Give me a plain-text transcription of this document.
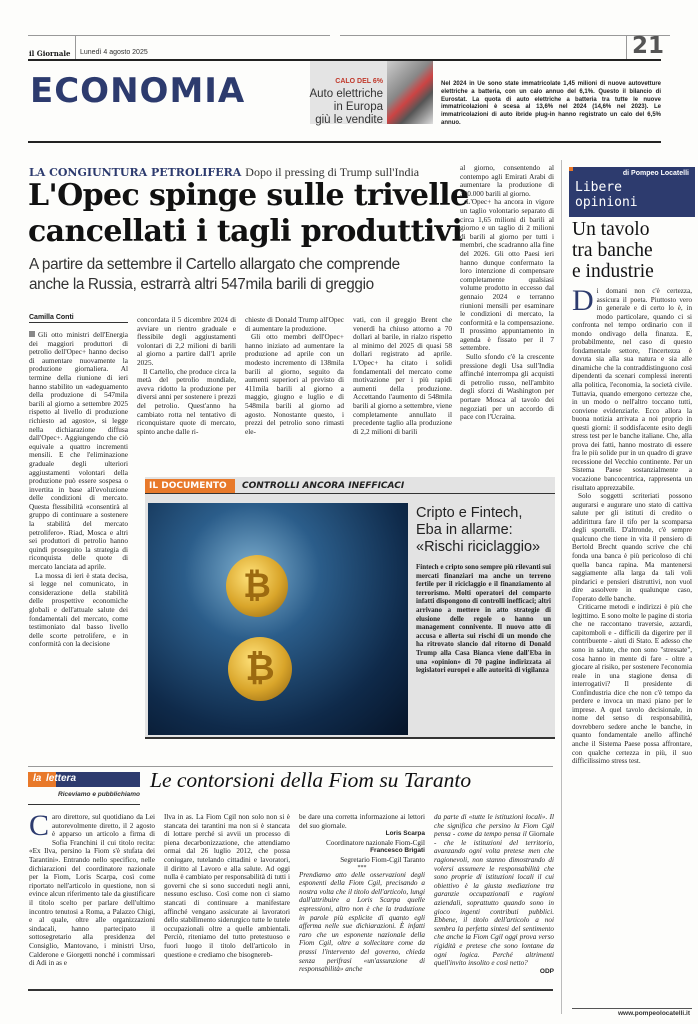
il Giornale Lunedì 4 agosto 2025	21
ECONOMIA	CALO DEL 6%
Auto elettriche
in Europa
giù le vendite
Nel 2024 in Ue sono state immatricolate 1,45 milioni di nuove autovetture elettriche a batteria, con un calo annuo del 6,1%. Questo il bilancio di Eurostat. La quota di auto elettriche a batteria tra tutte le nuove immatricolazioni è scesa al 13,6% nel 2024 (14,6% nel 2023). Le immatricolazioni di auto ibride plug-in hanno registrato un calo del 6,5% annuo.
LA CONGIUNTURA PETROLIFERA Dopo il pressing di Trump sull'India
L'Opec spinge sulle trivelle
cancellati i tagli produttivi
A partire da settembre il Cartello allargato che comprende
anche la Russia, estrarrà altri 547mila barili di greggio
Camilla Conti

Gli otto ministri dell'Energia dei maggiori produttori di petrolio dell'Opec+ hanno deciso di aumentare nuovamente la produzione giornaliera. Al termine della riunione di ieri hanno stabilito un «adeguamento della produzione di 547mila barili al giorno a settembre 2025 rispetto al livello di produzione richiesto ad agosto», si legge nella dichiarazione diffusa dall'Opec+. Aggiungendo che ciò equivale a quattro incrementi mensili. E che l'eliminazione graduale degli ulteriori aggiustamenti volontari della produzione può essere sospesa o invertita in base all'evoluzione delle condizioni di mercato. Questa flessibilità «consentirà al gruppo di continuare a sostenere la stabilità del mercato petrolifero». Riad, Mosca e altri sei produttori di petrolio hanno quindi proseguito la strategia di riconquista delle quote di mercato lanciata ad aprile.

La mossa di ieri è stata decisa, si legge nel comunicato, in considerazione della stabilità delle prospettive economiche globali e dell'attuale salute dei fondamentali del mercato, come testimoniato dal basso livello delle scorte petrolifere, e in conformità con la decisione

concordata il 5 dicembre 2024 di avviare un rientro graduale e flessibile degli aggiustamenti volontari di 2,2 milioni di barili al giorno a partire dall'1 aprile 2025.

Il Cartello, che produce circa la metà del petrolio mondiale, aveva ridotto la produzione per diversi anni per sostenere i prezzi del petrolio. Quest'anno ha cambiato rotta nel tentativo di riconquistare quote di mercato, spinto anche dalle ri-

chieste di Donald Trump all'Opec di aumentare la produzione.

Gli otto membri dell'Opec+ hanno iniziato ad aumentare la produzione ad aprile con un modesto incremento di 138mila barili al giorno, seguito da aumenti superiori al previsto di 411mila barili al giorno a maggio, giugno e luglio e di 548mila barili al giorno ad agosto. Nonostante questo, i prezzi del petrolio sono rimasti ele-

vati, con il greggio Brent che venerdì ha chiuso attorno a 70 dollari al barile, in rialzo rispetto al minimo del 2025 di quasi 58 dollari registrato ad aprile. L'Opec+ ha citato i solidi fondamentali del mercato come motivazione per i più rapidi aumenti della produzione. Accettando l'aumento di 548mila barili al giorno a settembre, viene completamente annullato il precedente taglio alla produzione di 2,2 milioni di barili

al giorno, consentendo al contempo agli Emirati Arabi di aumentare la produzione di 300.000 barili al giorno.

L'Opec+ ha ancora in vigore un taglio volontario separato di circa 1,65 milioni di barili al giorno e un taglio di 2 milioni di barili al giorno per tutti i membri, che scadranno alla fine del 2026. Gli otto Paesi ieri hanno dunque confermato la loro intenzione di compensare completamente qualsiasi volume prodotto in eccesso dal gennaio 2024 e terranno riunioni mensili per esaminare le condizioni di mercato, la conformità e la compensazione. Il prossimo appuntamento in agenda è fissato per il 7 settembre.

Sullo sfondo c'è la crescente pressione degli Usa sull'India affinché interrompa gli acquisti di petrolio russo, nell'ambito degli sforzi di Washington per portare Mosca al tavolo dei negoziati per un accordo di pace con l'Ucraina.

IL DOCUMENTO	CONTROLLI ANCORA INEFFICACI
₿
₿
Cripto e Fintech,
Eba in allarme:
«Rischi riciclaggio»
Fintech e cripto sono sempre più rilevanti sui mercati finanziari ma anche un terreno fertile per il riciclaggio e il finanziamento al terrorismo. Molti operatori del comparto infatti dispongono di controlli inefficaci; altri arrivano a mettere in atto strategie di elusione delle regole o hanno un management connivente. Il nuovo atto di accusa e allerta sui rischi di un mondo che ha ritrovato slancio dal ritorno di Donald Trump alla Casa Bianca viene dall'Eba in una «opinion» di 70 pagine indirizzata ai legislatori europei e alle autorità di vigilanza
di Pompeo Locatelli
Libere
opinioni
Un tavolo
tra banche
e industrie

Di domani non c'è certezza, assicura il poeta. Piuttosto vero in generale e di certo lo è, in modo particolare, quando ci si confronta nel tempo ordinario con il mondo ondivago della finanza. E, probabilmente, nel caso di questo fondamentale settore, l'incertezza è dovuta sia alla sua natura e sia alle dinamiche che la contraddistinguono così dipendenti da scenari complessi inerenti alla politica, l'economia, la società civile. Tuttavia, quando emergono certezze che, in un modo o nell'altro toccano tutti, conviene evidenziarle. Ecco allora la buona notizia arrivata a noi proprio in questi giorni: il soddisfacente esito degli stress test per le banche italiane. Che, alla prova dei fatti, hanno mostrato di essere fra le più solide pur in un quadro di grave recessione del Vecchio continente. Per un Sistema Paese sostanzialmente a vocazione bancocentrica, rappresenta un risultato apprezzabile.

Solo soggetti scriteriati possono augurarsi e augurare uno stato di cattiva salute per gli istituti di credito o addirittura fare il tifo per la scomparsa degli sportelli. D'altronde, c'è sempre qualcuno che tiene in vita il pensiero di Bertold Brecht quando scrive che chi fonda una banca è più pericoloso di chi quella banca rapina. Ma mantenersi saggiamente alla larga da tali voli pindarici e pensieri distruttivi, non vuol dire assolvere in qualunque caso, l'operato delle banche.

Criticarne metodi e indirizzi è più che legittimo. E sono molte le pagine di storia che ne raccontano traversie, azzardi, capitomboli e - difficili da digerire per il contribuente - aiuti di Stato. E adesso che sono in salute, che non sono "stressate", cosa hanno in mente di fare - oltre a giocare al risiko, per sostenere l'economia reale in una stagione densa di interrogativi? Il presidente di Confindustria dice che non c'è tempo da perdere e invoca un maxi piano per le imprese. A quel tavolo decisionale, in nome del senso di responsabilità, dovrebbero sedere anche le banche, in quanto fondamentale anello affinché anche il Sistema Paese possa affrontare, con qualche certezza in più, il suo difficilissimo stress test.

www.pompeolocatelli.it
la lettera	Le contorsioni della Fiom su Taranto
Riceviamo e pubblichiamo

Caro direttore, sul quotidiano da Lei autorevolmente diretto, il 2 agosto è apparso un articolo a firma di Sofia Franchini il cui titolo recita: «Ex Ilva, persino la Fiom s'è stufata dei Tarantini». Entrando nello specifico, nelle dichiarazioni del coordinatore nazionale per la Fiom, Loris Scarpa, così come riportato nell'articolo in questione, non si evince alcun riferimento tale da giustificare il titolo scelto per parlare dell'ultimo incontro tenutosi a Roma, a Palazzo Chigi, e al quale, oltre alle organizzazioni sindacali, hanno partecipato il sottosegretario alla presidenza del Consiglio, Mantovano, i ministri Urso, Calderone e Giorgetti nonché i commissari di Adi in as e

Ilva in as. La Fiom Cgil non solo non si è stancata dei tarantini ma non si è stancata di lottare perché si avvii un processo di piena decarbonizzazione, che attendiamo ormai dal 26 luglio 2012, che possa coniugare, tutelando cittadini e lavoratori, il diritto al Lavoro e alla salute. Ad oggi nulla è cambiato per responsabilità di tutti i governi che si sono succeduti negli anni, nessuno escluso. Così come non ci siamo stancati di continuare a manifestare affinché vengano assicurate ai lavoratori dello stabilimento siderurgico tutte le tutele occupazionali oltre a quelle ambientali. Perciò, riteniamo del tutto pretestuoso e fuori luogo il titolo dell'articolo in questione e crediamo che bisognereb-

be dare una corretta informazione ai lettori del suo giornale.

Loris Scarpa
Coordinatore nazionale Fiom-Cgil
Francesco Brigati
Segretario Fiom-Cgil Taranto
***

Prendiamo atto delle osservazioni degli esponenti della Fiom Cgil, precisando a nostra volta che il titolo dell'articolo, lungi dall'attribuire a Loris Scarpa quelle espressioni, altro non è che la traduzione in parole più esplicite di quanto egli afferma nelle sue dichiarazioni. È infatti raro che un esponente nazionale della Fiom Cgil, oltre a sollecitare come da prassi l'intervento del governo, chieda senza perifrasi «un'assunzione di responsabilità» anche

da parte di «tutte le istituzioni locali». Il che significa che persino la Fiom Cgil pensa - come da tempo pensa il Giornale - che le istituzioni del territorio, avanzando ogni volta pretese men che ragionevoli, non stanno dimostrando di volersi assumere le responsabilità che sono proprie di istituzioni locali il cui obiettivo è la giusta mediazione tra garanzie occupazionali e ragioni aziendali, soprattutto quando sono in gioco ingenti contributi pubblici. Ebbene, il titolo dell'articolo a noi sembra la perfetta sintesi del sentimento che anche la Fiom Cgil oggi prova verso rigidità e pretese che sono lontane da ogni logica. Perché altrimenti quell'invito insolito e così netto?

ODP
